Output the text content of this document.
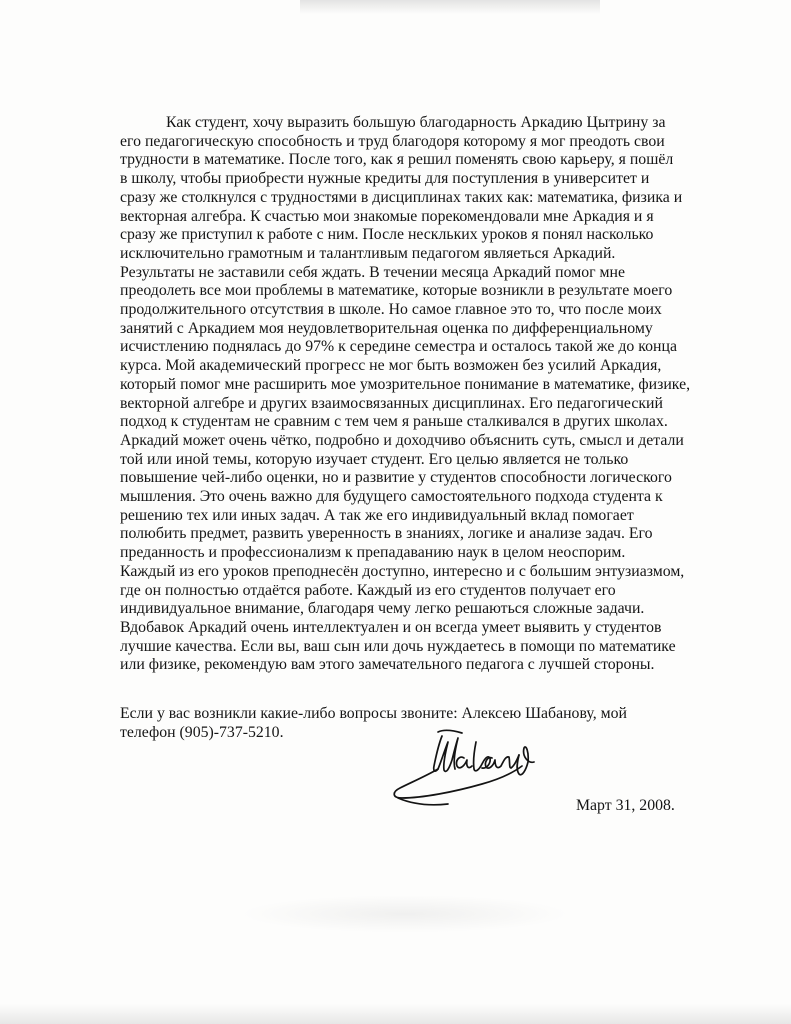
Как студент, хочу выразить большую благодарность Аркадию Цытрину за
его педагогическую способность и труд благодоря которому я мог преодоть свои
трудности в математике. После того, как я решил поменять свою карьеру, я пошёл
в школу, чтобы приобрести нужные кредиты для поступления в университет и
сразу же столкнулся с трудностями в дисциплинах таких как: математика, физика и
векторная алгебра. К счастью мои знакомые порекомендовали мне Аркадия и я
сразу же приступил к работе с ним. После несклькиx уроков я понял насколько
исключительно грамотным и талантливым педагогом являеться Аркадий.
Результаты не заставили себя ждать. В течении месяца Аркадий помог мне
преодолеть все мои проблемы в математике, которые возникли в результате моего
продолжительного отсутствия в школе. Но самое главное это то, что после моих
занятий с Аркадием моя неудовлетворительная оценка по дифференциальному
исчистлению поднялась до 97% к середине семестра и осталось такой же до конца
курса. Мой академический прогресс не мог быть возможен без усилий Аркадия,
который помог мне расширить мое умозрительное понимание в математике, физике,
векторной алгебре и других взаимосвязанных дисциплинах. Его педагогический
подход к студентам не сравним с тем чем я раньше сталкивался в других школах.
Аркадий может очень чётко, подробно и доходчиво объяснить суть, смысл и детали
той или иной темы, которую изучает студент. Его целью является не только
повышение чей-либо оценки, но и развитие у студентов способности логического
мышления. Это очень важно для будущего самостоятельного подхода студента к
решению тех или иных задач. А так же его индивидуальный вклад помогает
полюбить предмет, развить уверенность в знаниях, логике и анализе задач. Его
преданность и профессионализм к препадаванию наук в целом неоспорим.
Каждый из его уроков преподнесён доступно, интересно и с большим энтузиазмом,
где он полностью отдаётся работе. Каждый из его студентов получает его
индивидуальное внимание, благодаря чему легко решаються сложные задачи.
Вдобавок Аркадий очень интеллектуален и он всегда умеет выявить у студентов
лучшие качества. Если вы, ваш сын или дочь нуждаетесь в помощи по математике
или физике, рекомендую вам этого замечательного педагога с лучшей стороны.
Если у вас возникли какие-либо вопросы звоните: Алексею Шабанову, мой
телефон (905)-737-5210.
Март 31, 2008.
